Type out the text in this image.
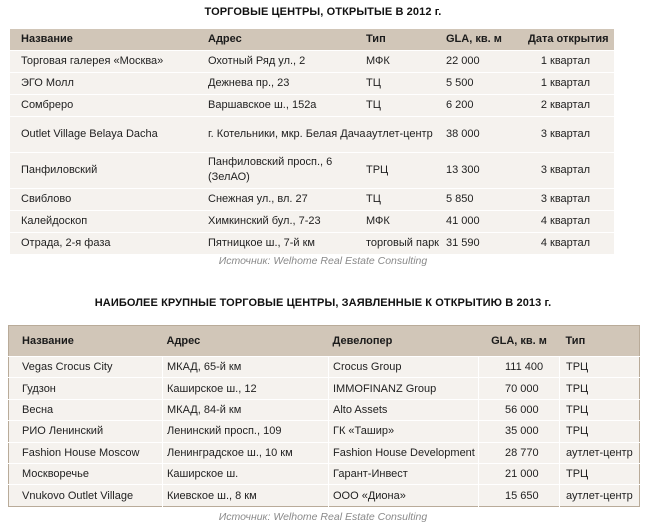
ТОРГОВЫЕ ЦЕНТРЫ, ОТКРЫТЫЕ В 2012 г.
Название	Адрес	Тип	GLA, кв. м	Дата открытия
Торговая галерея «Москва»	Охотный Ряд ул., 2	МФК	22 000	1 квартал
ЭГО Молл	Дежнева пр., 23	ТЦ	5 500	1 квартал
Сомбреро	Варшавское ш., 152а	ТЦ	6 200	2 квартал
Outlet Village Belaya Dacha	г. Котельники, мкр. Белая Дача	аутлет-центр	38 000	3 квартал
Панфиловский	Панфиловский просп., 6 (ЗелАО)	ТРЦ	13 300	3 квартал
Свиблово	Снежная ул., вл. 27	ТЦ	5 850	3 квартал
Калейдоскоп	Химкинский бул., 7-23	МФК	41 000	4 квартал
Отрада, 2-я фаза	Пятницкое ш., 7-й км	торговый парк	31 590	4 квартал
Источник: Welhome Real Estate Consulting
НАИБОЛЕЕ КРУПНЫЕ ТОРГОВЫЕ ЦЕНТРЫ, ЗАЯВЛЕННЫЕ К ОТКРЫТИЮ В 2013 г.
Название	Адрес	Девелопер	GLA, кв. м	Тип
Vegas Crocus City	МКАД, 65-й км	Crocus Group	111 400	ТРЦ
Гудзон	Каширское ш., 12	IMMOFINANZ Group	70 000	ТРЦ
Весна	МКАД, 84-й км	Alto Assets	56 000	ТРЦ
РИО Ленинский	Ленинский просп., 109	ГК «Ташир»	35 000	ТРЦ
Fashion House Moscow	Ленинградское ш., 10 км	Fashion House Development	28 770	аутлет-центр
Москворечье	Каширское ш.	Гарант-Инвест	21 000	ТРЦ
Vnukovo Outlet Village	Киевское ш., 8 км	ООО «Диона»	15 650	аутлет-центр
Источник: Welhome Real Estate Consulting
